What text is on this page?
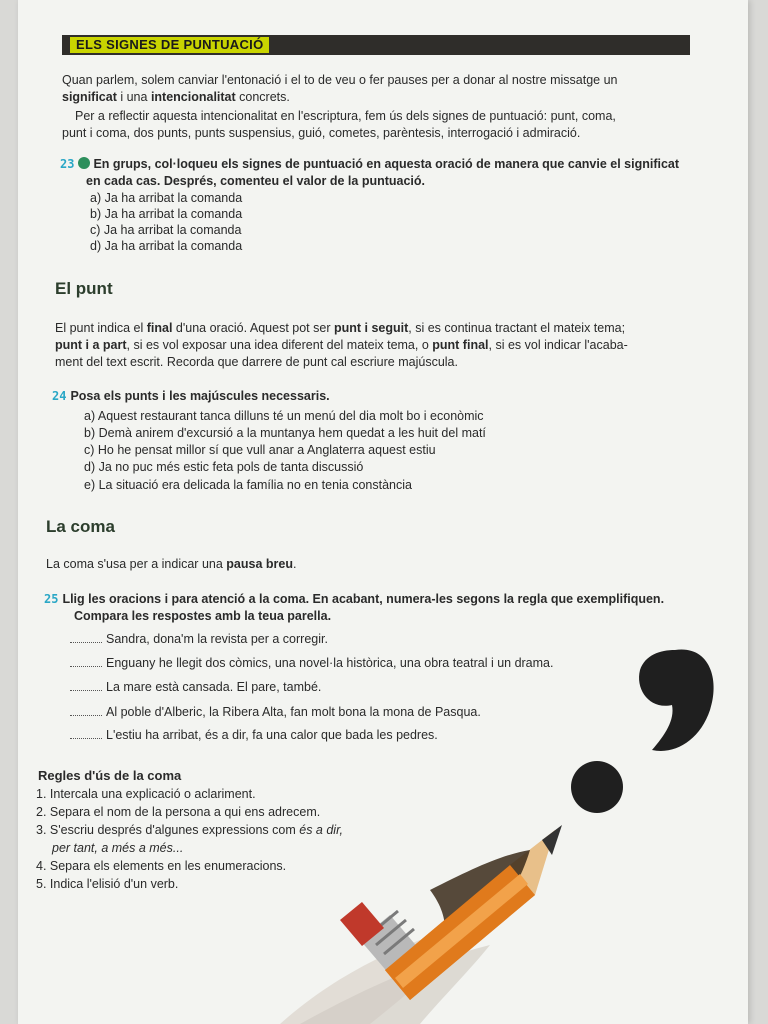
ELS SIGNES DE PUNTUACIÓ
Quan parlem, solem canviar l'entonació i el to de veu o fer pauses per a donar al nostre missatge un
significat i una intencionalitat concrets.
Per a reflectir aquesta intencionalitat en l'escriptura, fem ús dels signes de puntuació: punt, coma,
punt i coma, dos punts, punts suspensius, guió, cometes, parèntesis, interrogació i admiració.
23 En grups, col·loqueu els signes de puntuació en aquesta oració de manera que canvie el significat
en cada cas. Després, comenteu el valor de la puntuació.
a) Ja ha arribat la comanda
b) Ja ha arribat la comanda
c) Ja ha arribat la comanda
d) Ja ha arribat la comanda
El punt
El punt indica el final d'una oració. Aquest pot ser punt i seguit, si es continua tractant el mateix tema;
punt i a part, si es vol exposar una idea diferent del mateix tema, o punt final, si es vol indicar l'acaba-
ment del text escrit. Recorda que darrere de punt cal escriure majúscula.
24 Posa els punts i les majúscules necessaris.
a) Aquest restaurant tanca dilluns té un menú del dia molt bo i econòmic
b) Demà anirem d'excursió a la muntanya hem quedat a les huit del matí
c) Ho he pensat millor sí que vull anar a Anglaterra aquest estiu
d) Ja no puc més estic feta pols de tanta discussió
e) La situació era delicada la família no en tenia constància
La coma
La coma s'usa per a indicar una pausa breu.
25 Llig les oracions i para atenció a la coma. En acabant, numera-les segons la regla que exemplifiquen.
Compara les respostes amb la teua parella.
Sandra, dona'm la revista per a corregir.
Enguany he llegit dos còmics, una novel·la històrica, una obra teatral i un drama.
La mare està cansada. El pare, també.
Al poble d'Alberic, la Ribera Alta, fan molt bona la mona de Pasqua.
L'estiu ha arribat, és a dir, fa una calor que bada les pedres.
Regles d'ús de la coma
1. Intercala una explicació o aclariment.
2. Separa el nom de la persona a qui ens adrecem.
3. S'escriu després d'algunes expressions com és a dir,
per tant, a més a més...
4. Separa els elements en les enumeracions.
5. Indica l'elisió d'un verb.
